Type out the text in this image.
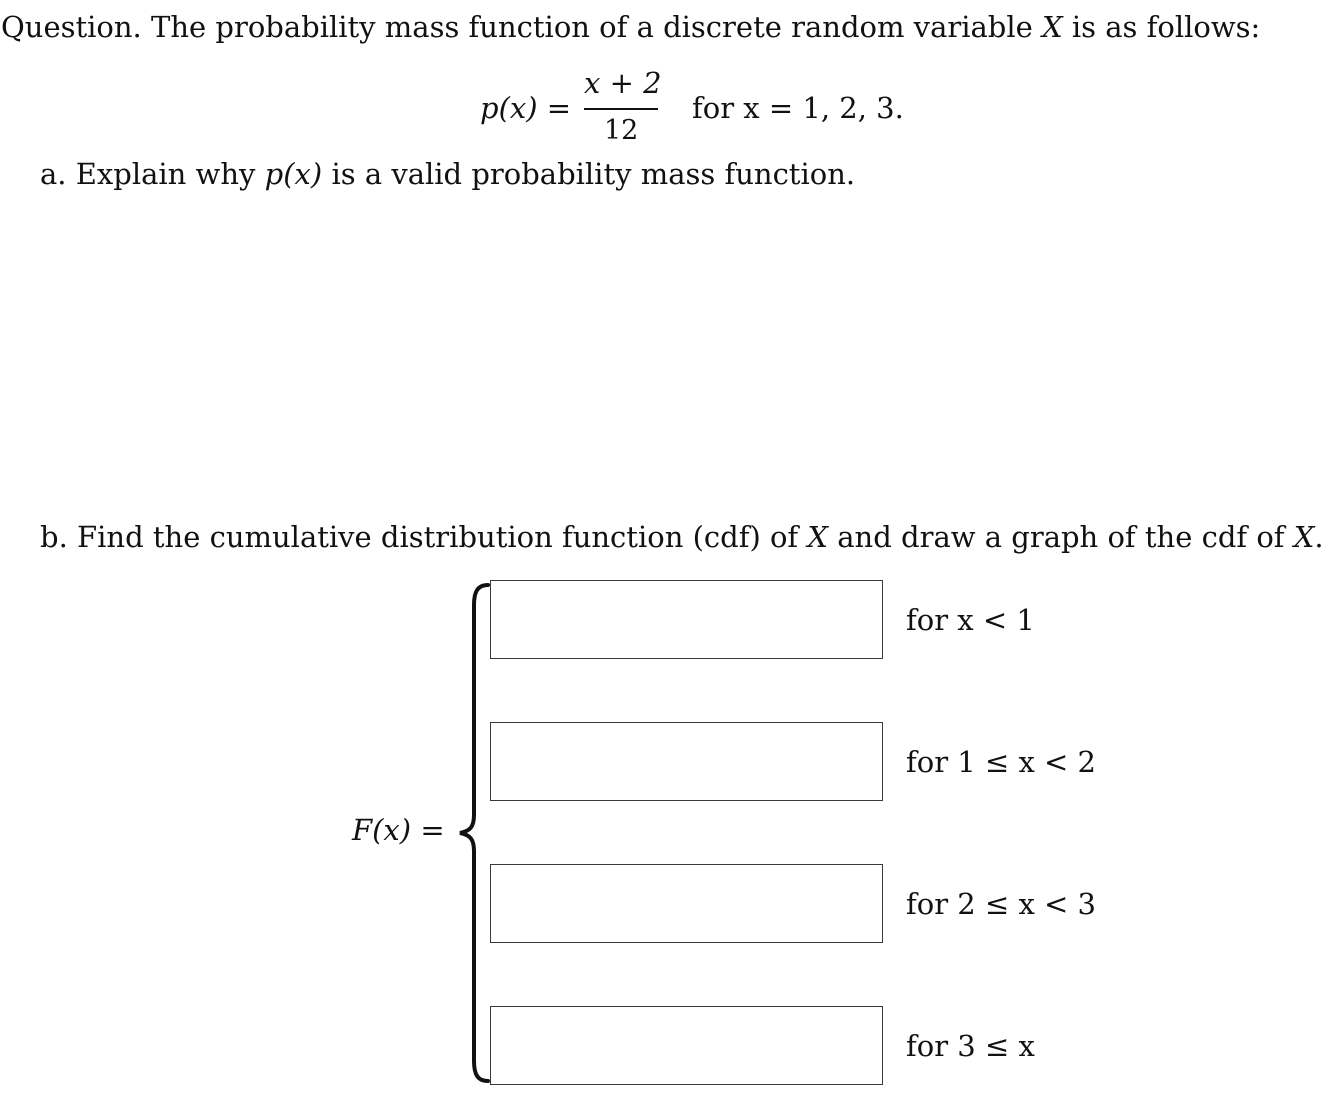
Question. The probability mass function of a discrete random variable X is as follows:
p(x) =
x + 2
12
for x = 1, 2, 3.
a. Explain why p(x) is a valid probability mass function.
b. Find the cumulative distribution function (cdf) of X and draw a graph of the cdf of X.
F(x) =
for x < 1
for 1 ≤ x < 2
for 2 ≤ x < 3
for 3 ≤ x
